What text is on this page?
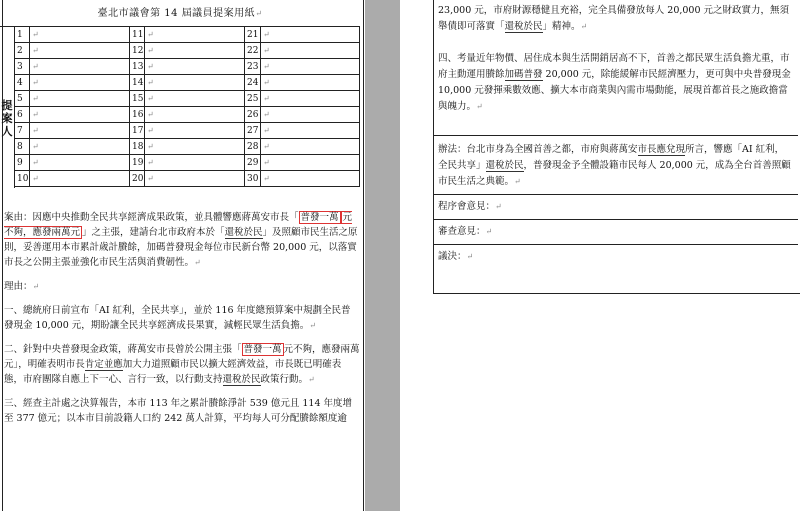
臺北市議會第 14 屆議員提案用紙↵
提案人
1	↵	11	↵	21	↵
2	↵	12	↵	22	↵
3	↵	13	↵	23	↵
4	↵	14	↵	24	↵
5	↵	15	↵	25	↵
6	↵	16	↵	26	↵
7	↵	17	↵	27	↵
8	↵	18	↵	28	↵
9	↵	19	↵	29	↵
10	↵	20	↵	30	↵

案由：因應中央推動全民共享經濟成果政策，並具體響應蔣萬安市長「 普發一萬 元不夠，應發兩萬元 」之主張，建請台北市政府本於「還稅於民」及照顧市民生活之原則，妥善運用本市累計歲計賸餘，加碼普發現金每位市民新台幣 20,000 元，以落實市長之公開主張並強化市民生活與消費韌性。↵

理由：↵

一、總統府日前宣布「AI 紅利，全民共享」，並於 116 年度總預算案中規劃全民普發現金 10,000 元，期盼讓全民共享經濟成長果實，減輕民眾生活負擔。↵

二、針對中央普發現金政策，蔣萬安市長曾於公開主張「 普發一萬 元不夠，應發兩萬元」，明確表明市長肯定並應加大力道照顧市民以擴大經濟效益，市長既已明確表態，市府團隊自應上下一心、言行一致，以行動支持還稅於民政策行動。↵

三、經查主計處之決算報告，本市 113 年之累計賸餘淨計 539 億元且 114 年度增至 377 億元；以本市目前設籍人口約 242 萬人計算，平均每人可分配賸餘額度逾

23,000 元，市府財源穩健且充裕，完全具備發放每人 20,000 元之財政實力，無須舉債即可落實「還稅於民」精神。↵

四、考量近年物價、居住成本與生活開銷居高不下，首善之都民眾生活負擔尤重，市府主動運用賸餘加碼普發 20,000 元，除能緩解市民經濟壓力，更可與中央普發現金 10,000 元發揮乘數效應、擴大本市商業與內需市場動能，展現首都首長之施政擔當與魄力。↵

辦法：台北市身為全國首善之都，市府與蔣萬安市長應兌現所言，響應「AI 紅利，全民共享」還稅於民，普發現金予全體設籍市民每人 20,000 元，成為全台首善照顧市民生活之典範。↵

程序會意見：↵

審查意見：↵

議決：↵
